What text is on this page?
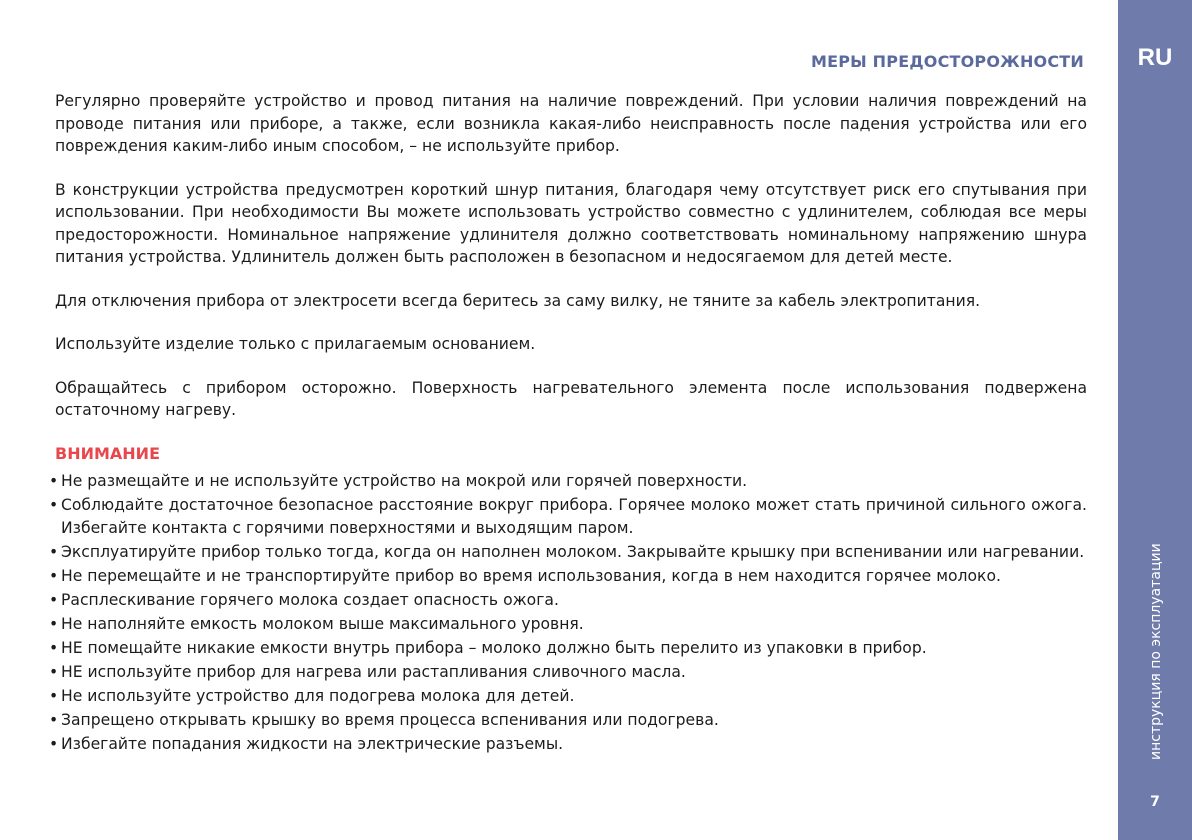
МЕРЫ ПРЕДОСТОРОЖНОСТИ

Регулярно проверяйте устройство и провод питания на наличие повреждений. При условии наличия повреждений на проводе питания или приборе, а также, если возникла какая-либо неисправность после падения устройства или его повреждения каким-либо иным способом, – не используйте прибор.

В конструкции устройства предусмотрен короткий шнур питания, благодаря чему отсутствует риск его спутывания при использовании. При необходимости Вы можете использовать устройство совместно с удлинителем, соблюдая все меры предосторожности. Номинальное напряжение удлинителя должно соответствовать номинальному напряжению шнура питания устройства. Удлинитель должен быть расположен в безопасном и недосягаемом для детей месте.

Для отключения прибора от электросети всегда беритесь за саму вилку, не тяните за кабель электропитания.

Используйте изделие только с прилагаемым основанием.

Обращайтесь с прибором осторожно. Поверхность нагревательного элемента после использования подвержена остаточному нагреву.

ВНИМАНИЕ
• Не размещайте и не используйте устройство на мокрой или горячей поверхности.
• Соблюдайте достаточное безопасное расстояние вокруг прибора. Горячее молоко может стать причиной сильного ожога. Избегайте контакта с горячими поверхностями и выходящим паром.
• Эксплуатируйте прибор только тогда, когда он наполнен молоком. Закрывайте крышку при вспенивании или нагревании.
• Не перемещайте и не транспортируйте прибор во время использования, когда в нем находится горячее молоко.
• Расплескивание горячего молока создает опасность ожога.
• Не наполняйте емкость молоком выше максимального уровня.
• НЕ помещайте никакие емкости внутрь прибора – молоко должно быть перелито из упаковки в прибор.
• НЕ используйте прибор для нагрева или растапливания сливочного масла.
• Не используйте устройство для подогрева молока для детей.
• Запрещено открывать крышку во время процесса вспенивания или подогрева.
• Избегайте попадания жидкости на электрические разъемы.
RU
инструкция по эксплуатации
7
